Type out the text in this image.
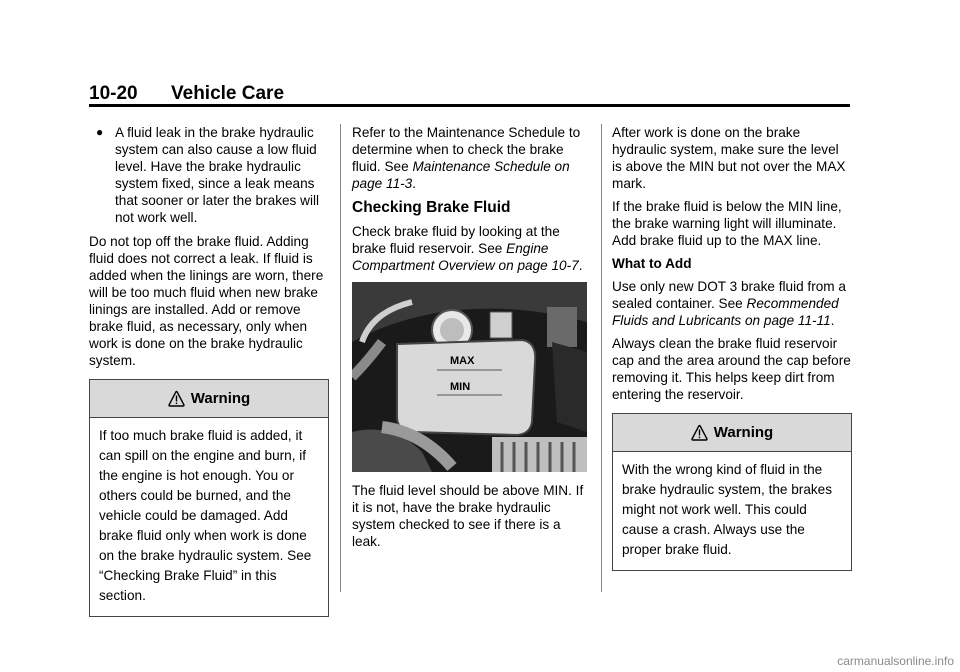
10-20 Vehicle Care
● A fluid leak in the brake hydraulic system can also cause a low fluid level. Have the brake hydraulic system fixed, since a leak means that sooner or later the brakes will not work well.

Do not top off the brake fluid. Adding fluid does not correct a leak. If fluid is added when the linings are worn, there will be too much fluid when new brake linings are installed. Add or remove brake fluid, as necessary, only when work is done on the brake hydraulic system.

Warning
If too much brake fluid is added, it can spill on the engine and burn, if the engine is hot enough. You or others could be burned, and the vehicle could be damaged. Add brake fluid only when work is done on the brake hydraulic system. See “Checking Brake Fluid” in this section.

Refer to the Maintenance Schedule to determine when to check the brake fluid. See Maintenance Schedule on page 11-3.

Checking Brake Fluid

Check brake fluid by looking at the brake fluid reservoir. See Engine Compartment Overview on page 10-7.

MAX
MIN

The fluid level should be above MIN. If it is not, have the brake hydraulic system checked to see if there is a leak.

After work is done on the brake hydraulic system, make sure the level is above the MIN but not over the MAX mark.

If the brake fluid is below the MIN line, the brake warning light will illuminate. Add brake fluid up to the MAX line.

What to Add

Use only new DOT 3 brake fluid from a sealed container. See Recommended Fluids and Lubricants on page 11-11.

Always clean the brake fluid reservoir cap and the area around the cap before removing it. This helps keep dirt from entering the reservoir.

Warning
With the wrong kind of fluid in the brake hydraulic system, the brakes might not work well. This could cause a crash. Always use the proper brake fluid.
carmanualsonline.info
